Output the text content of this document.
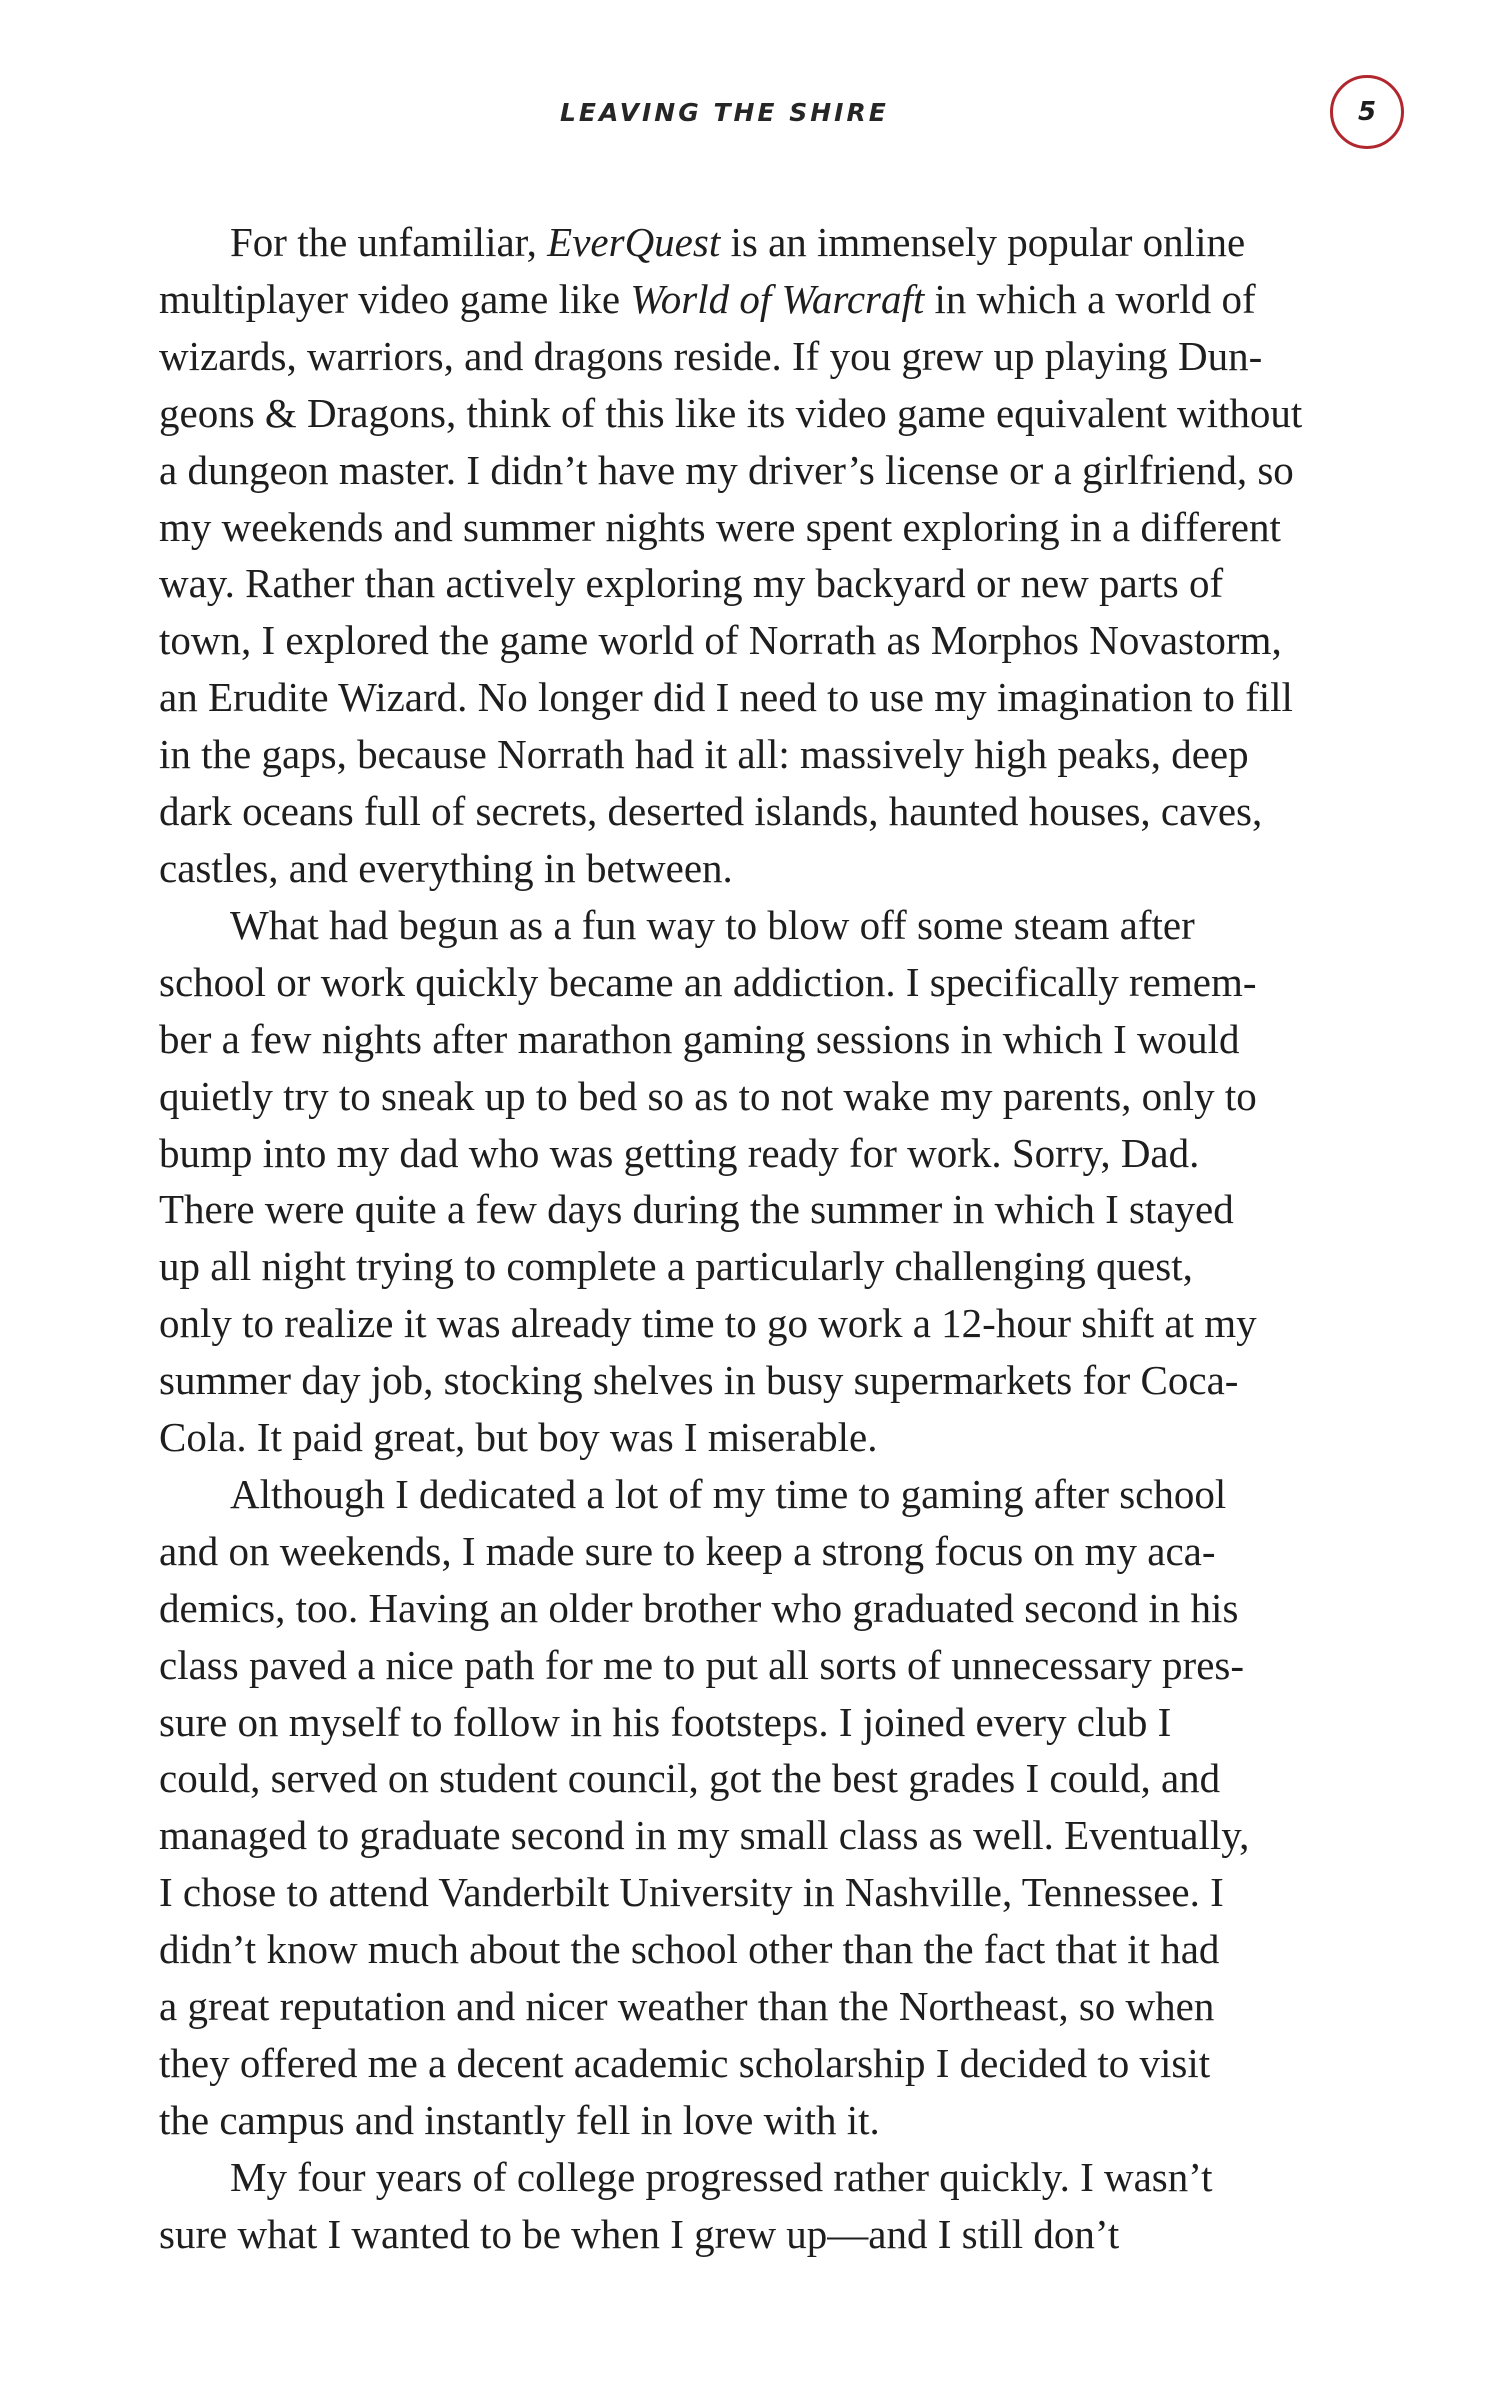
LEAVING THE SHIRE	5
For the unfamiliar, EverQuest is an immensely popular online
multiplayer video game like World of Warcraft in which a world of
wizards, warriors, and dragons reside. If you grew up playing Dun-
geons & Dragons, think of this like its video game equivalent without
a dungeon master. I didn’t have my driver’s license or a girlfriend, so
my weekends and summer nights were spent exploring in a different
way. Rather than actively exploring my backyard or new parts of
town, I explored the game world of Norrath as Morphos Novastorm,
an Erudite Wizard. No longer did I need to use my imagination to fill
in the gaps, because Norrath had it all: massively high peaks, deep
dark oceans full of secrets, deserted islands, haunted houses, caves,
castles, and everything in between.
What had begun as a fun way to blow off some steam after
school or work quickly became an addiction. I specifically remem-
ber a few nights after marathon gaming sessions in which I would
quietly try to sneak up to bed so as to not wake my parents, only to
bump into my dad who was getting ready for work. Sorry, Dad.
There were quite a few days during the summer in which I stayed
up all night trying to complete a particularly challenging quest,
only to realize it was already time to go work a 12-hour shift at my
summer day job, stocking shelves in busy supermarkets for Coca-
Cola. It paid great, but boy was I miserable.
Although I dedicated a lot of my time to gaming after school
and on weekends, I made sure to keep a strong focus on my aca-
demics, too. Having an older brother who graduated second in his
class paved a nice path for me to put all sorts of unnecessary pres-
sure on myself to follow in his footsteps. I joined every club I
could, served on student council, got the best grades I could, and
managed to graduate second in my small class as well. Eventually,
I chose to attend Vanderbilt University in Nashville, Tennessee. I
didn’t know much about the school other than the fact that it had
a great reputation and nicer weather than the Northeast, so when
they offered me a decent academic scholarship I decided to visit
the campus and instantly fell in love with it.
My four years of college progressed rather quickly. I wasn’t
sure what I wanted to be when I grew up—and I still don’t
